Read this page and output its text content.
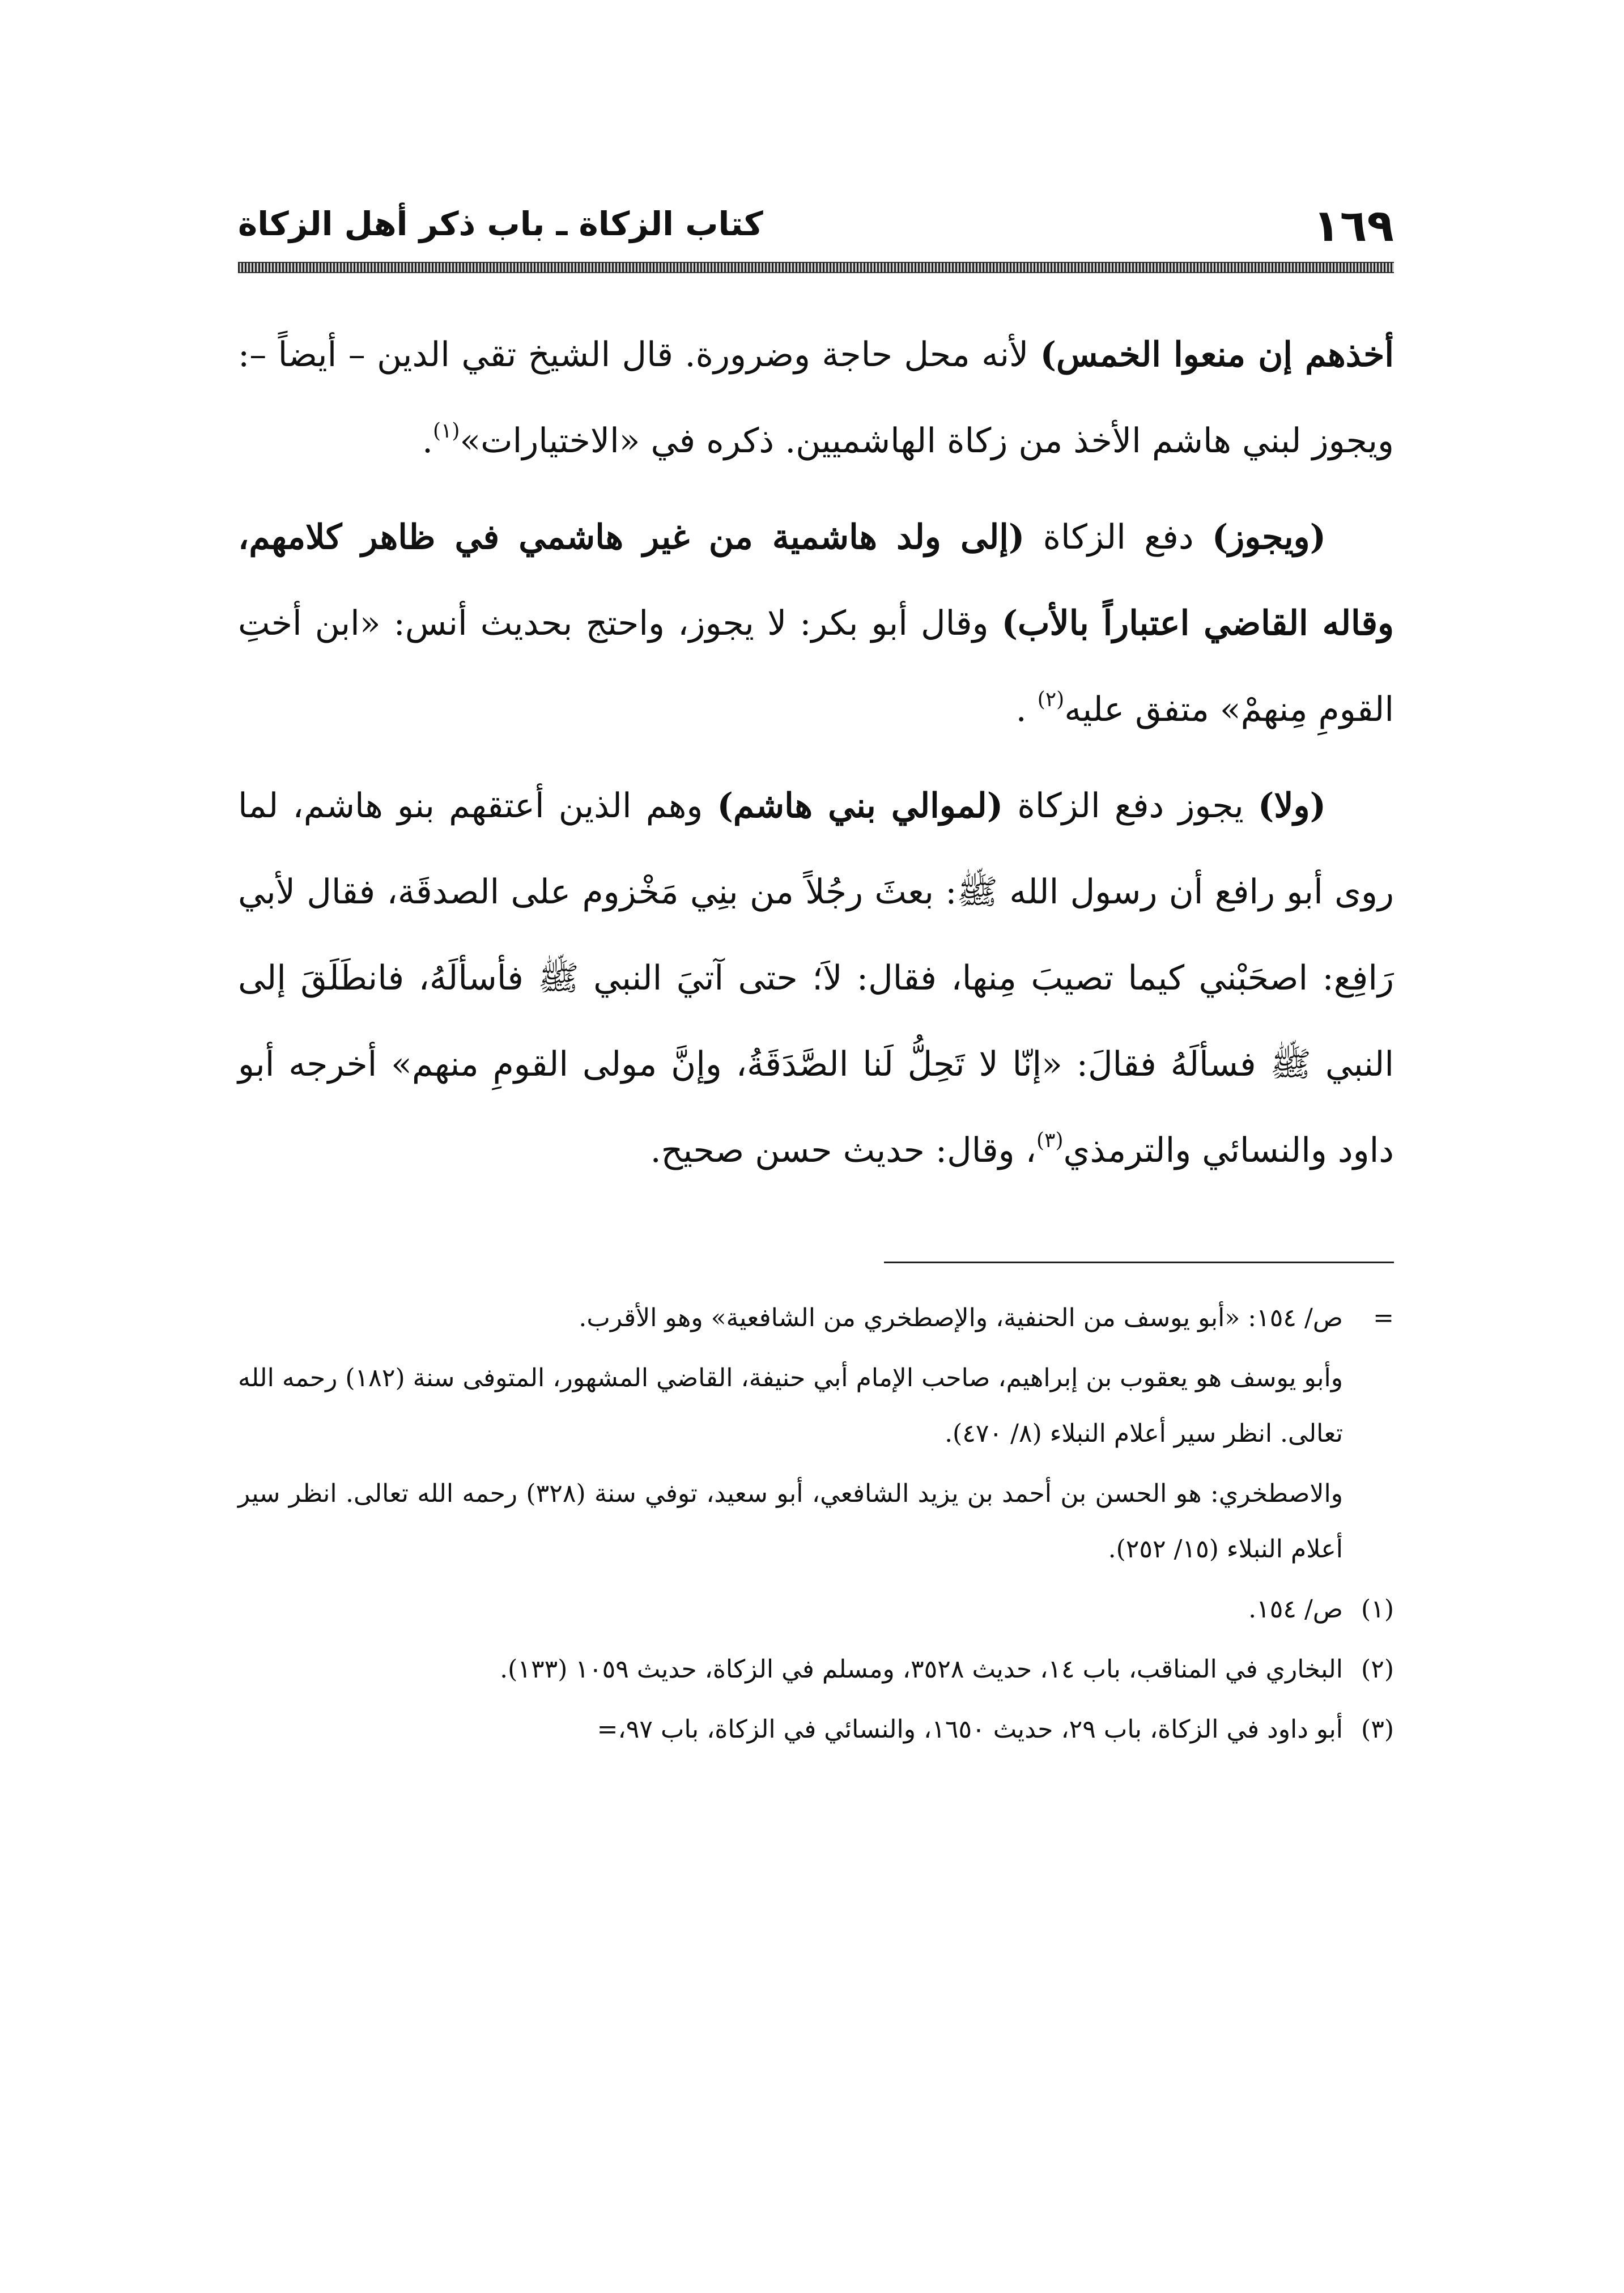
١٦٩
كتاب الزكاة ـ باب ذكر أهل الزكاة

أخذهم إن منعوا الخمس) لأنه محل حاجة وضرورة. قال الشيخ تقي الدين – أيضاً –: ويجوز لبني هاشم الأخذ من زكاة الهاشميين. ذكره في «الاختيارات»$^{(١)}$.

(ويجوز) دفع الزكاة (إلى ولد هاشمية من غير هاشمي في ظاهر كلامهم، وقاله القاضي اعتباراً بالأب) وقال أبو بكر: لا يجوز، واحتج بحديث أنس: «ابن أختِ القومِ مِنهمْ» متفق عليه$^{(٢)}$ .

(ولا) يجوز دفع الزكاة (لموالي بني هاشم) وهم الذين أعتقهم بنو هاشم، لما روى أبو رافع أن رسول الله ﷺ: بعثَ رجُلاً من بنِي مَخْزوم على الصدقَة، فقال لأبي رَافِع: اصحَبْني كيما تصيبَ مِنها، فقال: لاَ؛ حتى آتيَ النبي ﷺ فأسألَهُ، فانطَلَقَ إلى النبي ﷺ فسألَهُ فقالَ: «إنّا لا تَحِلُّ لَنا الصَّدَقَةُ، وإنَّ مولى القومِ منهم» أخرجه أبو داود والنسائي والترمذي$^{(٣)}$، وقال: حديث حسن صحيح.

=
ص/ ١٥٤: «أبو يوسف من الحنفية، والإصطخري من الشافعية» وهو الأقرب.
وأبو يوسف هو يعقوب بن إبراهيم، صاحب الإمام أبي حنيفة، القاضي المشهور، المتوفى سنة (١٨٢) رحمه الله تعالى. انظر سير أعلام النبلاء (٨/ ٤٧٠).
والاصطخري: هو الحسن بن أحمد بن يزيد الشافعي، أبو سعيد، توفي سنة (٣٢٨) رحمه الله تعالى. انظر سير أعلام النبلاء (١٥/ ٢٥٢).
(١)
ص/ ١٥٤.
(٢)
البخاري في المناقب، باب ١٤، حديث ٣٥٢٨، ومسلم في الزكاة، حديث ١٠٥٩ (١٣٣).
(٣)
أبو داود في الزكاة، باب ٢٩، حديث ١٦٥٠، والنسائي في الزكاة، باب ٩٧،=
